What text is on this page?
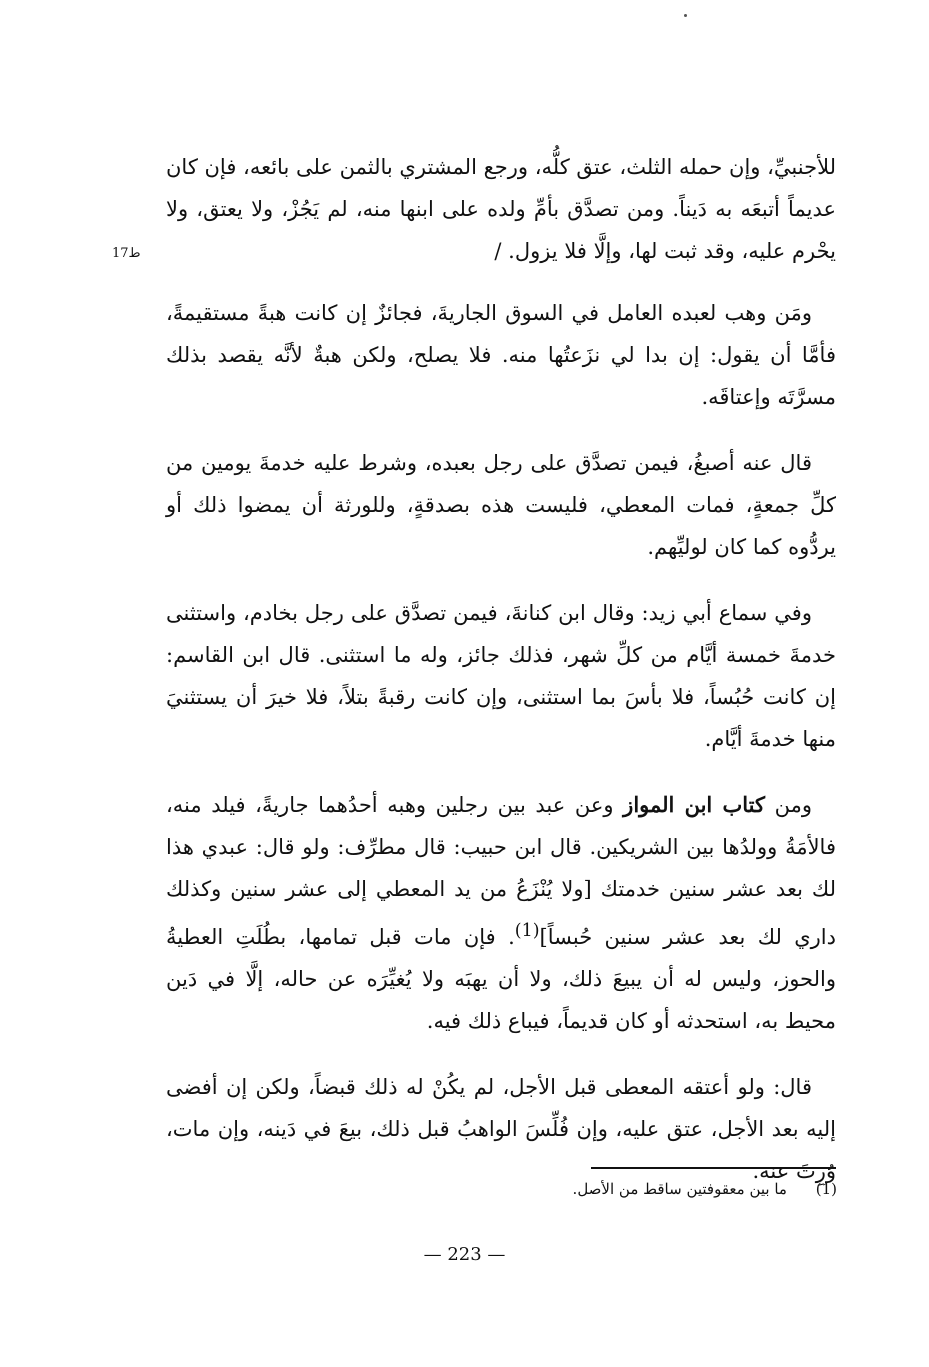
ط17

للأجنبيِّ، وإن حمله الثلث، عتق كلُّه، ورجع المشتري بالثمن على بائعه، فإن كان عديماً أتبعَه به دَيناً. ومن تصدَّق بأمِّ ولده على ابنها منه، لم يَجُزْ، ولا يعتق، ولا يحْرم عليه، وقد ثبت لها، وإلَّا فلا يزول. /

ومَن وهب لعبده العامل في السوق الجاريةَ، فجائزٌ إن كانت هبةً مستقيمةً، فأمَّا أن يقول: إن بدا لي نزَعتُها منه. فلا يصلح، ولكن هبةٌ لأنَّه يقصد بذلك مسرَّتَه وإعتاقَه.

قال عنه أصبغُ، فيمن تصدَّق على رجل بعبده، وشرط عليه خدمةَ يومين من كلِّ جمعةٍ، فمات المعطي، فليست هذه بصدقةٍ، وللورثة أن يمضوا ذلك أو يردُّوه كما كان لوليِّهم.

وفي سماع أبي زيد: وقال ابن كنانةَ، فيمن تصدَّق على رجل بخادم، واستثنى خدمةَ خمسة أيَّام من كلِّ شهر، فذلك جائز، وله ما استثنى. قال ابن القاسم: إن كانت حُبُساً، فلا بأسَ بما استثنى، وإن كانت رقبةً بتلاً، فلا خيرَ أن يستثنيَ منها خدمةَ أيَّام.

ومن كتاب ابن المواز وعن عبد بين رجلين وهبه أحدُهما جاريةً، فيلد منه، فالأمَةُ وولدُها بين الشريكين. قال ابن حبيب: قال مطرِّف: ولو قال: عبدي هذا لك بعد عشر سنين خدمتك [ولا يُنْزَعُ من يد المعطي إلى عشر سنين وكذلك داري لك بعد عشر سنين حُبساً]$^{(1)}$. فإن مات قبل تمامها، بطُلَتِ العطيةُ والحوز، وليس له أن يبيعَ ذلك، ولا أن يهبَه ولا يُغيِّرَه عن حاله، إلَّا في دَين محيط به، استحدثه أو كان قديماً، فيباع ذلك فيه.

قال: ولو أعتقه المعطى قبل الأجل، لم يكُنْ له ذلك قبضاً، ولكن إن أفضى إليه بعد الأجل، عتق عليه، وإن فُلِّسَ الواهبُ قبل ذلك، بيعَ في دَينه، وإن مات، وُرِثَ عنه.

(1) ما بين معقوفتين ساقط من الأصل.
— 223 —
